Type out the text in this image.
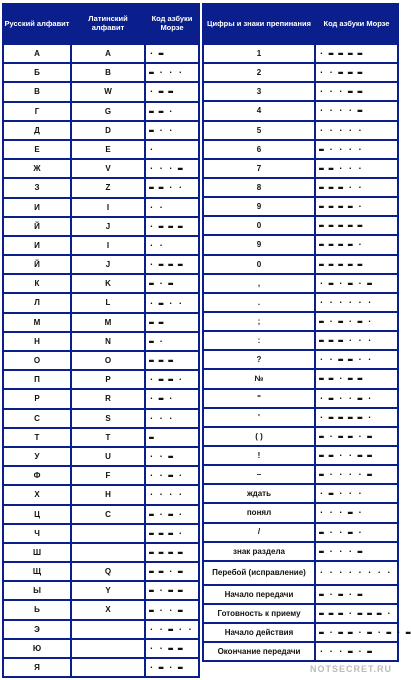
Русский алфавит	Латинский алфавит	Код азбуки Морзе
А	A	· ▬
Б	B	▬ · · ·
В	W	· ▬ ▬
Г	G	▬ ▬ ·
Д	D	▬ · ·
Е	E	·
Ж	V	· · · ▬
З	Z	▬ ▬ · ·
И	I	· ·
Й	J	· ▬ ▬ ▬
И	I	· ·
Й	J	· ▬ ▬ ▬
К	K	▬ · ▬
Л	L	· ▬ · ·
М	M	▬ ▬
Н	N	▬ ·
О	O	▬ ▬ ▬
П	P	· ▬ ▬ ·
Р	R	· ▬ ·
С	S	· · ·
Т	T	▬
У	U	· · ▬
Ф	F	· · ▬ ·
Х	H	· · · ·
Ц	C	▬ · ▬ ·
Ч		▬ ▬ ▬ ·
Ш		▬ ▬ ▬ ▬
Щ	Q	▬ ▬ · ▬
Ы	Y	▬ · ▬ ▬
Ь	X	▬ · · ▬
Э		· · ▬ · ·
Ю		· · ▬ ▬
Я		· ▬ · ▬
Цифры и знаки препинания	Код азбуки Морзе
1	· ▬ ▬ ▬ ▬
2	· · ▬ ▬ ▬
3	· · · ▬ ▬
4	· · · · ▬
5	· · · · ·
6	▬ · · · ·
7	▬ ▬ · · ·
8	▬ ▬ ▬ · ·
9	▬ ▬ ▬ ▬ ·
0	▬ ▬ ▬ ▬ ▬
9	▬ ▬ ▬ ▬ ·
0	▬ ▬ ▬ ▬ ▬
,	· ▬ · ▬ · ▬
.	· · · · · ·
;	▬ · ▬ · ▬ ·
:	▬ ▬ ▬ · · ·
?	· · ▬ ▬ · ·
№	▬ ▬ · ▬ ▬
"	· ▬ · · ▬ ·
'	· ▬ ▬ ▬ ▬ ·
( )	▬ · ▬ ▬ · ▬
!	▬ ▬ · · ▬ ▬
–	▬ · · · · ▬
ждать	· ▬ · · ·
понял	· · · ▬ ·
/	▬ · · ▬ ·
знак раздела	▬ · · · ▬
Перебой (исправление)	· · · · · · · ·
Начало передачи	▬ · ▬ · ▬
Готовность к приему	▬ ▬ ▬ · ▬ ▬ ▬ ·
Начало действия	▬ · ▬ ▬ · ▬ · ▬ · ▬
Окончание передачи	· · · ▬ · ▬
NOTSECRET.RU
